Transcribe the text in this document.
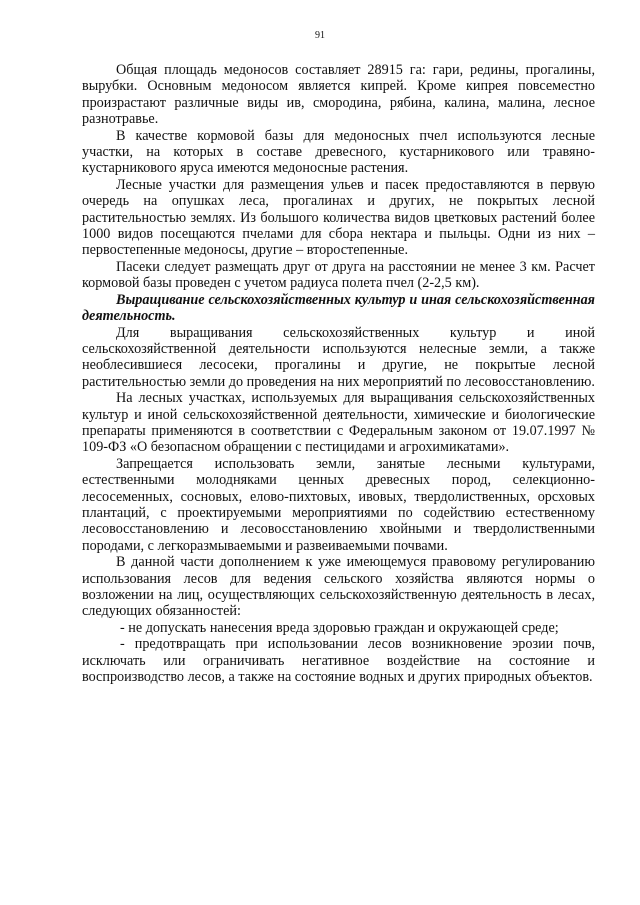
91

Общая площадь медоносов составляет 28915 га: гари, редины, прогалины, вырубки. Основным медоносом является кипрей. Кроме кипрея повсеместно произрастают различные виды ив, смородина, рябина, калина, малина, лесное разнотравье.

В качестве кормовой базы для медоносных пчел используются лесные участки, на которых в составе древесного, кустарникового или травяно-кустарникового яруса имеются медоносные растения.

Лесные участки для размещения ульев и пасек предоставляются в первую очередь на опушках леса, прогалинах и других, не покрытых лесной растительностью землях. Из большого количества видов цветковых растений более 1000 видов посещаются пчелами для сбора нектара и пыльцы. Одни из них – первостепенные медоносы, другие – второстепенные.

Пасеки следует размещать друг от друга на расстоянии не менее 3 км. Расчет кормовой базы проведен с учетом радиуса полета пчел (2-2,5 км).

Выращивание сельскохозяйственных культур и иная сельскохозяйственная деятельность.

Для выращивания сельскохозяйственных культур и иной сельскохозяйственной деятельности используются нелесные земли, а также необлесившиеся лесосеки, прогалины и другие, не покрытые лесной растительностью земли до проведения на них мероприятий по лесовосстановлению.

На лесных участках, используемых для выращивания сельскохозяйственных культур и иной сельскохозяйственной деятельности, химические и биологические препараты применяются в соответствии с Федеральным законом от 19.07.1997 № 109-ФЗ «О безопасном обращении с пестицидами и агрохимикатами».

Запрещается использовать земли, занятые лесными культурами, естественными молодняками ценных древесных пород, селекционно-лесосеменных, сосновых, елово-пихтовых, ивовых, твердолиственных, орсховых плантаций, с проектируемыми мероприятиями по содействию естественному лесовосстановлению и лесовосстановлению хвойными и твердолиственными породами, с легкоразмываемыми и развеиваемыми почвами.

В данной части дополнением к уже имеющемуся правовому регулированию использования лесов для ведения сельского хозяйства являются нормы о возложении на лиц, осуществляющих сельскохозяйственную деятельность в лесах, следующих обязанностей:

- не допускать нанесения вреда здоровью граждан и окружающей среде;

- предотвращать при использовании лесов возникновение эрозии почв, исключать или ограничивать негативное воздействие на состояние и воспроизводство лесов, а также на состояние водных и других природных объектов.
